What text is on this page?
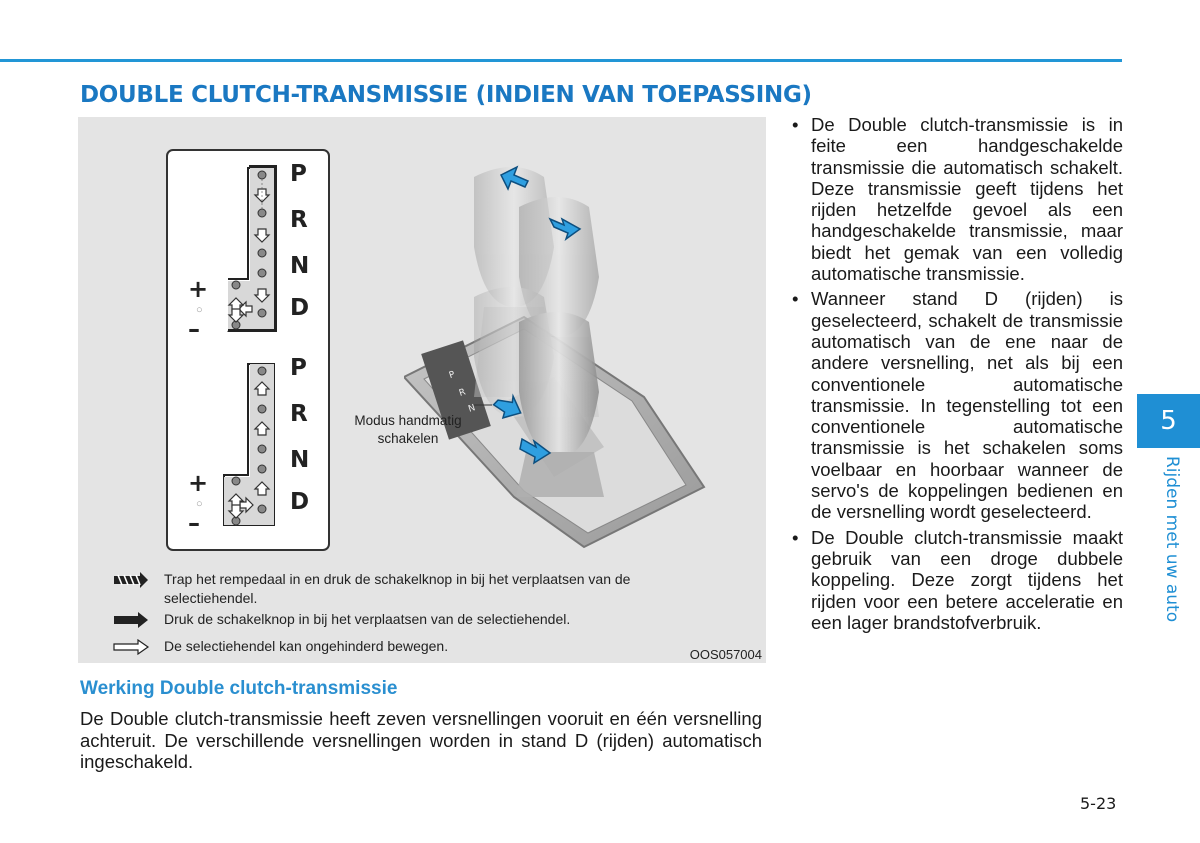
DOUBLE CLUTCH-TRANSMISSIE (INDIEN VAN TOEPASSING)
P
R
N
D
+
○
–
P
R
N
D
+
○
–
P
R
N
Modus handmatig schakelen
Trap het rempedaal in en druk de schakelknop in bij het verplaatsen van de selectiehendel.
Druk de schakelknop in bij het verplaatsen van de selectiehendel.
De selectiehendel kan ongehinderd bewegen.
OOS057004
Werking Double clutch-transmissie

De Double clutch-transmissie heeft zeven versnellingen vooruit en één versnelling achteruit. De verschillende versnellingen worden in stand D (rijden) automatisch ingeschakeld.

• De Double clutch-transmissie is in feite een handgeschakelde transmissie die automatisch schakelt. Deze transmissie geeft tijdens het rijden hetzelfde gevoel als een handgeschakelde transmissie, maar biedt het gemak van een volledig automatische transmissie.
• Wanneer stand D (rijden) is geselecteerd, schakelt de transmissie automatisch van de ene naar de andere versnelling, net als bij een conventionele automatische transmissie. In tegenstelling tot een conventionele automatische transmissie is het schakelen soms voelbaar en hoorbaar wanneer de servo's de koppelingen bedienen en de versnelling wordt geselecteerd.
• De Double clutch-transmissie maakt gebruik van een droge dubbele koppeling. Deze zorgt tijdens het rijden voor een betere acceleratie en een lager brandstofverbruik.
5
Rijden met uw auto
5-23
